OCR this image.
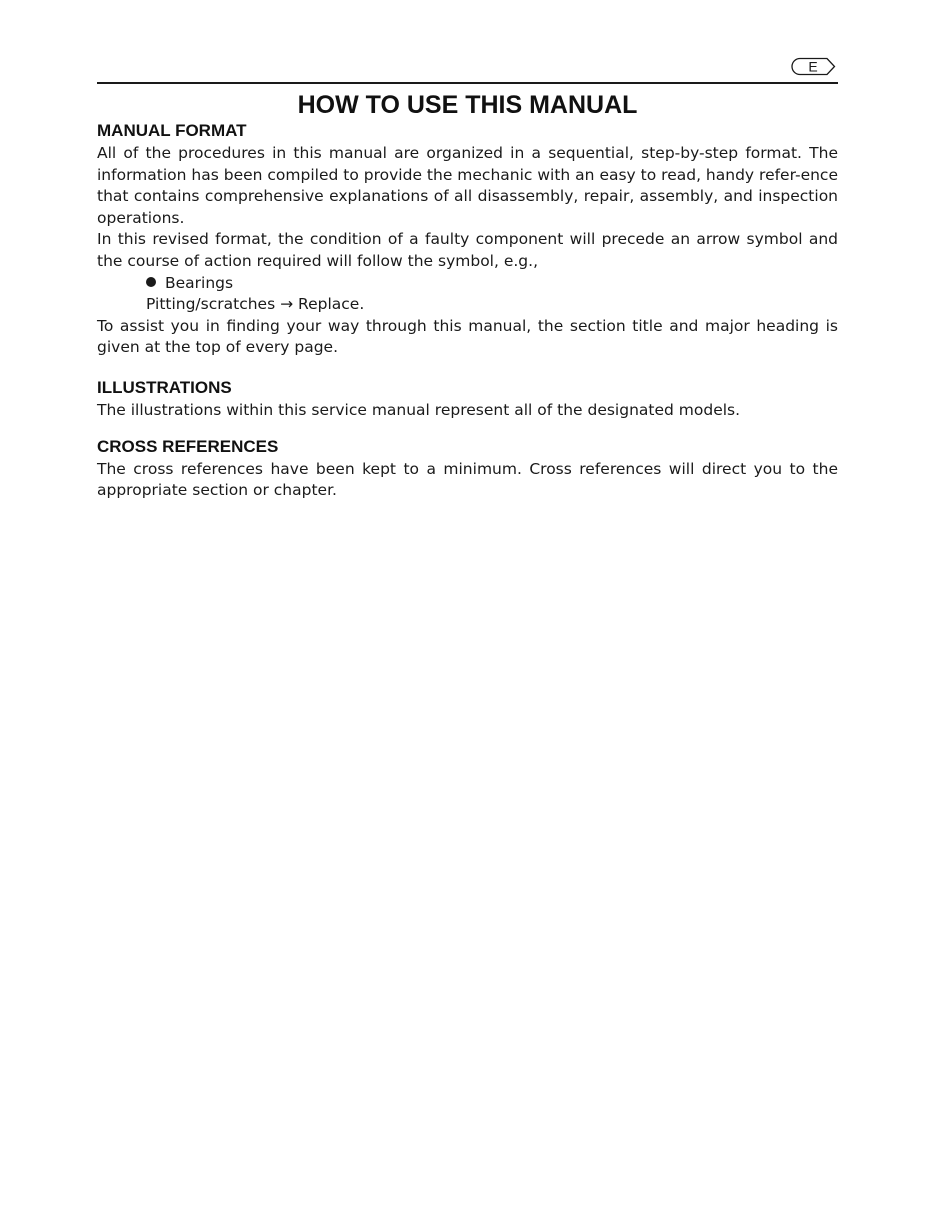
E
HOW TO USE THIS MANUAL
MANUAL FORMAT

All of the procedures in this manual are organized in a sequential, step-by-step format. The information has been compiled to provide the mechanic with an easy to read, handy refer-ence that contains comprehensive explanations of all disassembly, repair, assembly, and inspection operations.

In this revised format, the condition of a faulty component will precede an arrow symbol and the course of action required will follow the symbol, e.g.,

Bearings

Pitting/scratches → Replace.

To assist you in finding your way through this manual, the section title and major heading is given at the top of every page.

ILLUSTRATIONS

The illustrations within this service manual represent all of the designated models.

CROSS REFERENCES

The cross references have been kept to a minimum. Cross references will direct you to the appropriate section or chapter.
